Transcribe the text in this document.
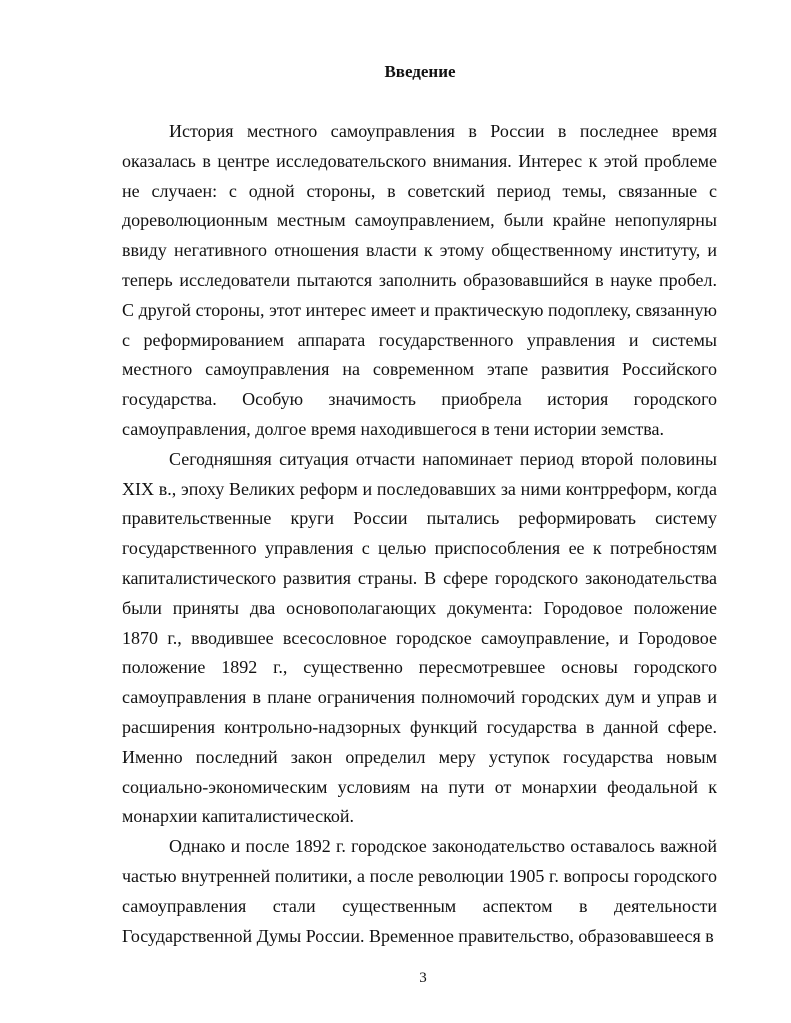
Введение

История местного самоуправления в России в последнее время оказалась в центре исследовательского внимания. Интерес к этой проблеме не случаен: с одной стороны, в советский период темы, связанные с дореволюционным местным самоуправлением, были крайне непопулярны ввиду негативного отношения власти к этому общественному институту, и теперь исследователи пытаются заполнить образовавшийся в науке пробел. С другой стороны, этот интерес имеет и практическую подоплеку, связанную с реформированием аппарата государственного управления и системы местного самоуправления на современном этапе развития Российского государства. Особую значимость приобрела история городского самоуправления, долгое время находившегося в тени истории земства.

Сегодняшняя ситуация отчасти напоминает период второй половины XIX в., эпоху Великих реформ и последовавших за ними контрреформ, когда правительственные круги России пытались реформировать систему государственного управления с целью приспособления ее к потребностям капиталистического развития страны. В сфере городского законодательства были приняты два основополагающих документа: Городовое положение 1870 г., вводившее всесословное городское самоуправление, и Городовое положение 1892 г., существенно пересмотревшее основы городского самоуправления в плане ограничения полномочий городских дум и управ и расширения контрольно-надзорных функций государства в данной сфере. Именно последний закон определил меру уступок государства новым социально-экономическим условиям на пути от монархии феодальной к монархии капиталистической.

Однако и после 1892 г. городское законодательство оставалось важной частью внутренней политики, а после революции 1905 г. вопросы городского самоуправления стали существенным аспектом в деятельности Государственной Думы России. Временное правительство, образовавшееся в

3
